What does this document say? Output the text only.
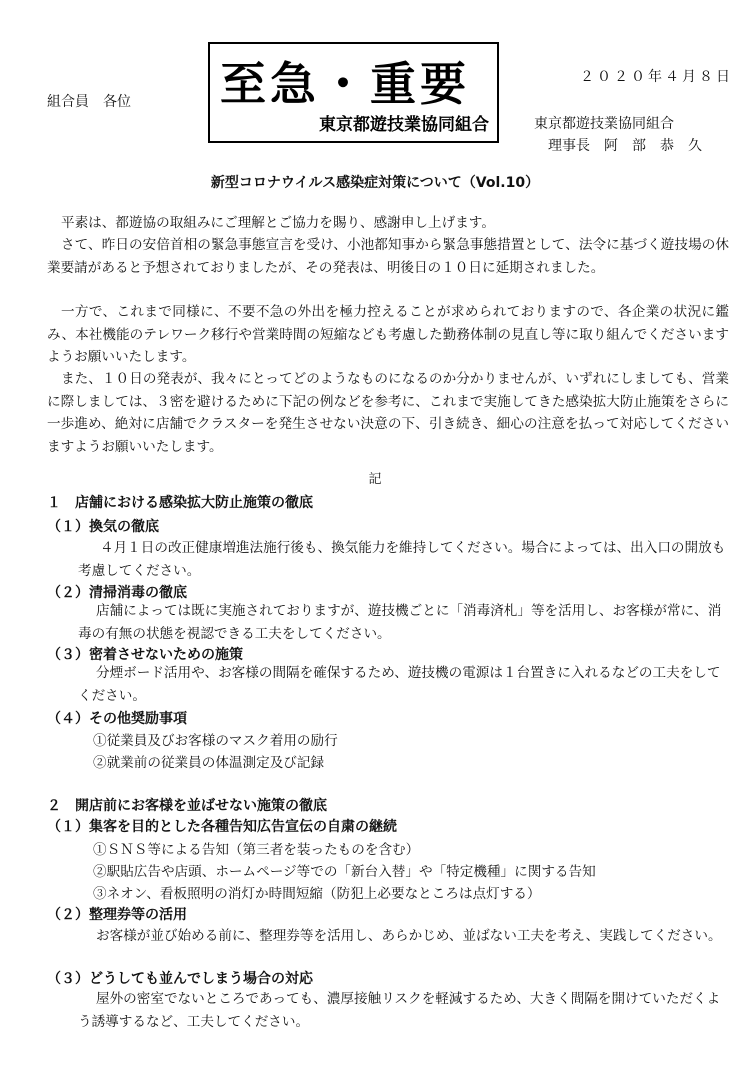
至急・重要
東京都遊技業協同組合
２０２０年４月８日
組合員　各位
東京都遊技業協同組合
理事長　阿　部　恭　久
新型コロナウイルス感染症対策について（Vol.10）
平素は、都遊協の取組みにご理解とご協力を賜り、感謝申し上げます。
さて、昨日の安倍首相の緊急事態宣言を受け、小池都知事から緊急事態措置として、法令に基づく遊技場の休業要請があると予想されておりましたが、その発表は、明後日の１０日に延期されました。
一方で、これまで同様に、不要不急の外出を極力控えることが求められておりますので、各企業の状況に鑑み、本社機能のテレワーク移行や営業時間の短縮なども考慮した勤務体制の見直し等に取り組んでくださいますようお願いいたします。
また、１０日の発表が、我々にとってどのようなものになるのか分かりませんが、いずれにしましても、営業に際しましては、３密を避けるために下記の例などを参考に、これまで実施してきた感染拡大防止施策をさらに一歩進め、絶対に店舗でクラスターを発生させない決意の下、引き続き、細心の注意を払って対応してくださいますようお願いいたします。
記
１　店舗における感染拡大防止施策の徹底
（１）換気の徹底
４月１日の改正健康増進法施行後も、換気能力を維持してください。場合によっては、出入口の開放も考慮してください。
（２）清掃消毒の徹底
店舗によっては既に実施されておりますが、遊技機ごとに「消毒済札」等を活用し、お客様が常に、消毒の有無の状態を視認できる工夫をしてください。
（３）密着させないための施策
分煙ボード活用や、お客様の間隔を確保するため、遊技機の電源は１台置きに入れるなどの工夫をしてください。
（４）その他奨励事項
①従業員及びお客様のマスク着用の励行
②就業前の従業員の体温測定及び記録
２　開店前にお客様を並ばせない施策の徹底
（１）集客を目的とした各種告知広告宣伝の自粛の継続
①ＳＮＳ等による告知（第三者を装ったものを含む）
②駅貼広告や店頭、ホームページ等での「新台入替」や「特定機種」に関する告知
③ネオン、看板照明の消灯か時間短縮（防犯上必要なところは点灯する）
（２）整理券等の活用
お客様が並び始める前に、整理券等を活用し、あらかじめ、並ばない工夫を考え、実践してください。
（３）どうしても並んでしまう場合の対応
屋外の密室でないところであっても、濃厚接触リスクを軽減するため、大きく間隔を開けていただくよう誘導するなど、工夫してください。
